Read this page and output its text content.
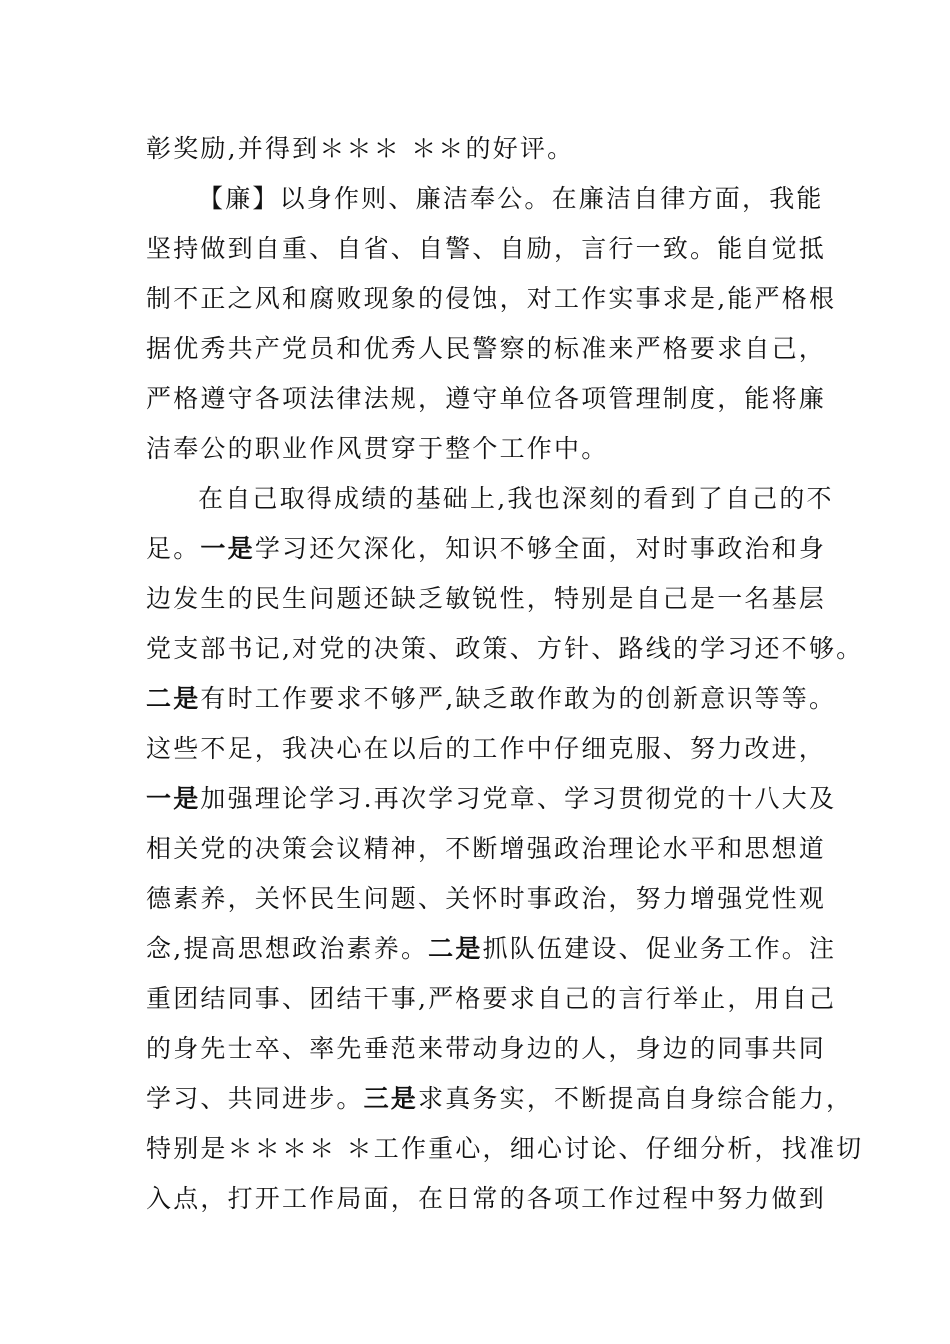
彰奖励,并得到＊＊＊ ＊＊的好评。
【廉】以身作则、廉洁奉公。在廉洁自律方面，我能
坚持做到自重、自省、自警、自励，言行一致。能自觉抵
制不正之风和腐败现象的侵蚀，对工作实事求是,能严格根
据优秀共产党员和优秀人民警察的标准来严格要求自己，
严格遵守各项法律法规，遵守单位各项管理制度，能将廉
洁奉公的职业作风贯穿于整个工作中。
在自己取得成绩的基础上,我也深刻的看到了自己的不
足。一是学习还欠深化，知识不够全面，对时事政治和身
边发生的民生问题还缺乏敏锐性，特别是自己是一名基层
党支部书记,对党的决策、政策、方针、路线的学习还不够。
二是有时工作要求不够严,缺乏敢作敢为的创新意识等等。
这些不足，我决心在以后的工作中仔细克服、努力改进，
一是加强理论学习.再次学习党章、学习贯彻党的十八大及
相关党的决策会议精神，不断增强政治理论水平和思想道
德素养，关怀民生问题、关怀时事政治，努力增强党性观
念,提高思想政治素养。二是抓队伍建设、促业务工作。注
重团结同事、团结干事,严格要求自己的言行举止，用自己
的身先士卒、率先垂范来带动身边的人，身边的同事共同
学习、共同进步。三是求真务实，不断提高自身综合能力，
特别是＊＊＊＊ ＊工作重心，细心讨论、仔细分析，找准切
入点，打开工作局面，在日常的各项工作过程中努力做到
